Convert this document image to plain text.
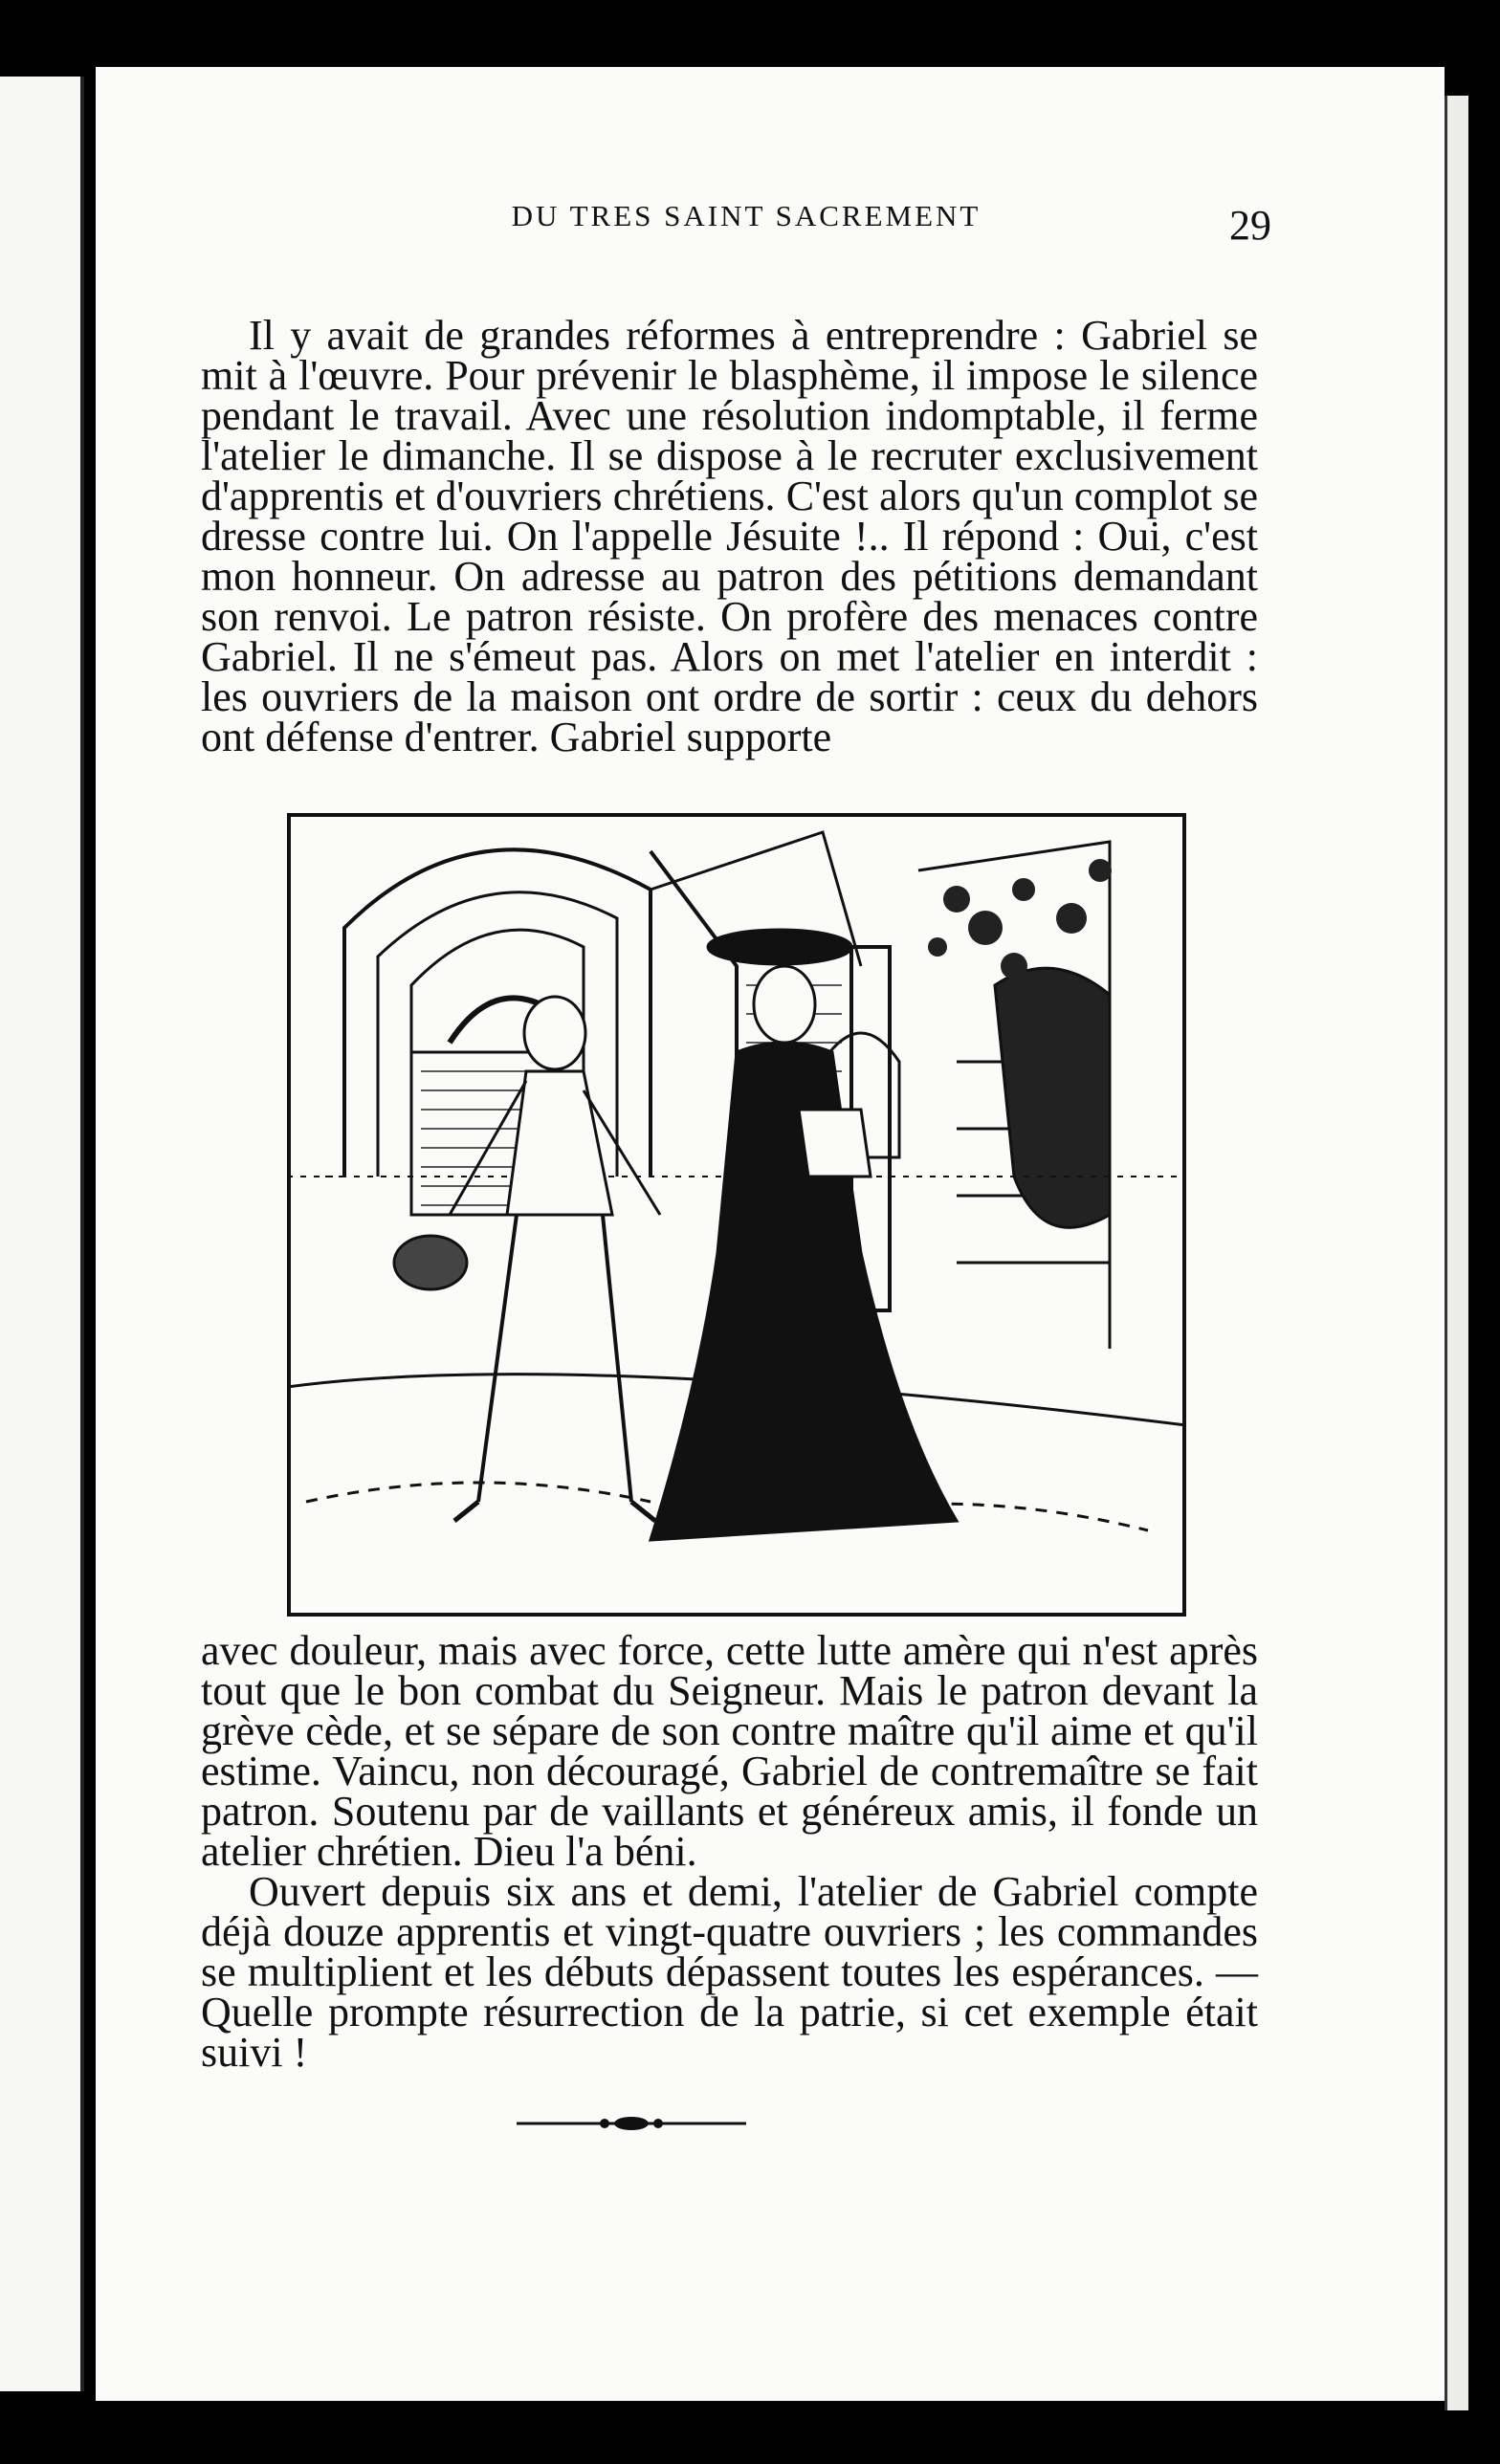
DU TRES SAINT SACREMENT	29

Il y avait de grandes réformes à entreprendre : Gabriel se mit à l'œuvre. Pour prévenir le blasphème, il impose le silence pendant le travail. Avec une résolution indomptable, il ferme l'atelier le dimanche. Il se dispose à le recruter exclusivement d'apprentis et d'ouvriers chrétiens. C'est alors qu'un complot se dresse contre lui. On l'appelle Jésuite !.. Il répond : Oui, c'est mon honneur. On adresse au patron des pétitions demandant son renvoi. Le patron résiste. On profère des menaces contre Gabriel. Il ne s'émeut pas. Alors on met l'atelier en interdit : les ouvriers de la maison ont ordre de sortir : ceux du dehors ont défense d'entrer. Gabriel supporte

avec douleur, mais avec force, cette lutte amère qui n'est après tout que le bon combat du Seigneur. Mais le patron devant la grève cède, et se sépare de son contre maître qu'il aime et qu'il estime. Vaincu, non découragé, Gabriel de contremaître se fait patron. Soutenu par de vaillants et généreux amis, il fonde un atelier chrétien. Dieu l'a béni.

Ouvert depuis six ans et demi, l'atelier de Gabriel compte déjà douze apprentis et vingt-quatre ouvriers ; les commandes se multiplient et les débuts dépassent toutes les espérances. — Quelle prompte résurrection de la patrie, si cet exemple était suivi !
